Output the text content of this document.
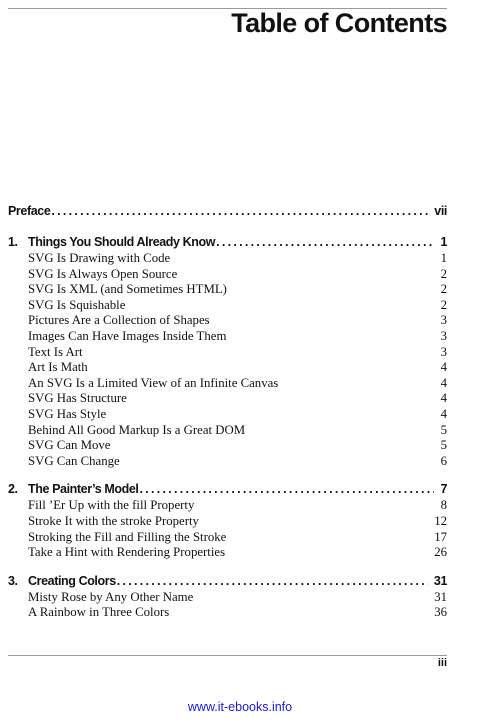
Table of Contents
Preface . . .	vii
1. Things You Should Already Know . . .	1
SVG Is Drawing with Code	1
SVG Is Always Open Source	2
SVG Is XML (and Sometimes HTML)	2
SVG Is Squishable	2
Pictures Are a Collection of Shapes	3
Images Can Have Images Inside Them	3
Text Is Art	3
Art Is Math	4
An SVG Is a Limited View of an Infinite Canvas	4
SVG Has Structure	4
SVG Has Style	4
Behind All Good Markup Is a Great DOM	5
SVG Can Move	5
SVG Can Change	6
2. The Painter’s Model . . .	7
Fill ’Er Up with the fill Property	8
Stroke It with the stroke Property	12
Stroking the Fill and Filling the Stroke	17
Take a Hint with Rendering Properties	26
3. Creating Colors . . .	31
Misty Rose by Any Other Name	31
A Rainbow in Three Colors	36
iii
www.it-ebooks.info
